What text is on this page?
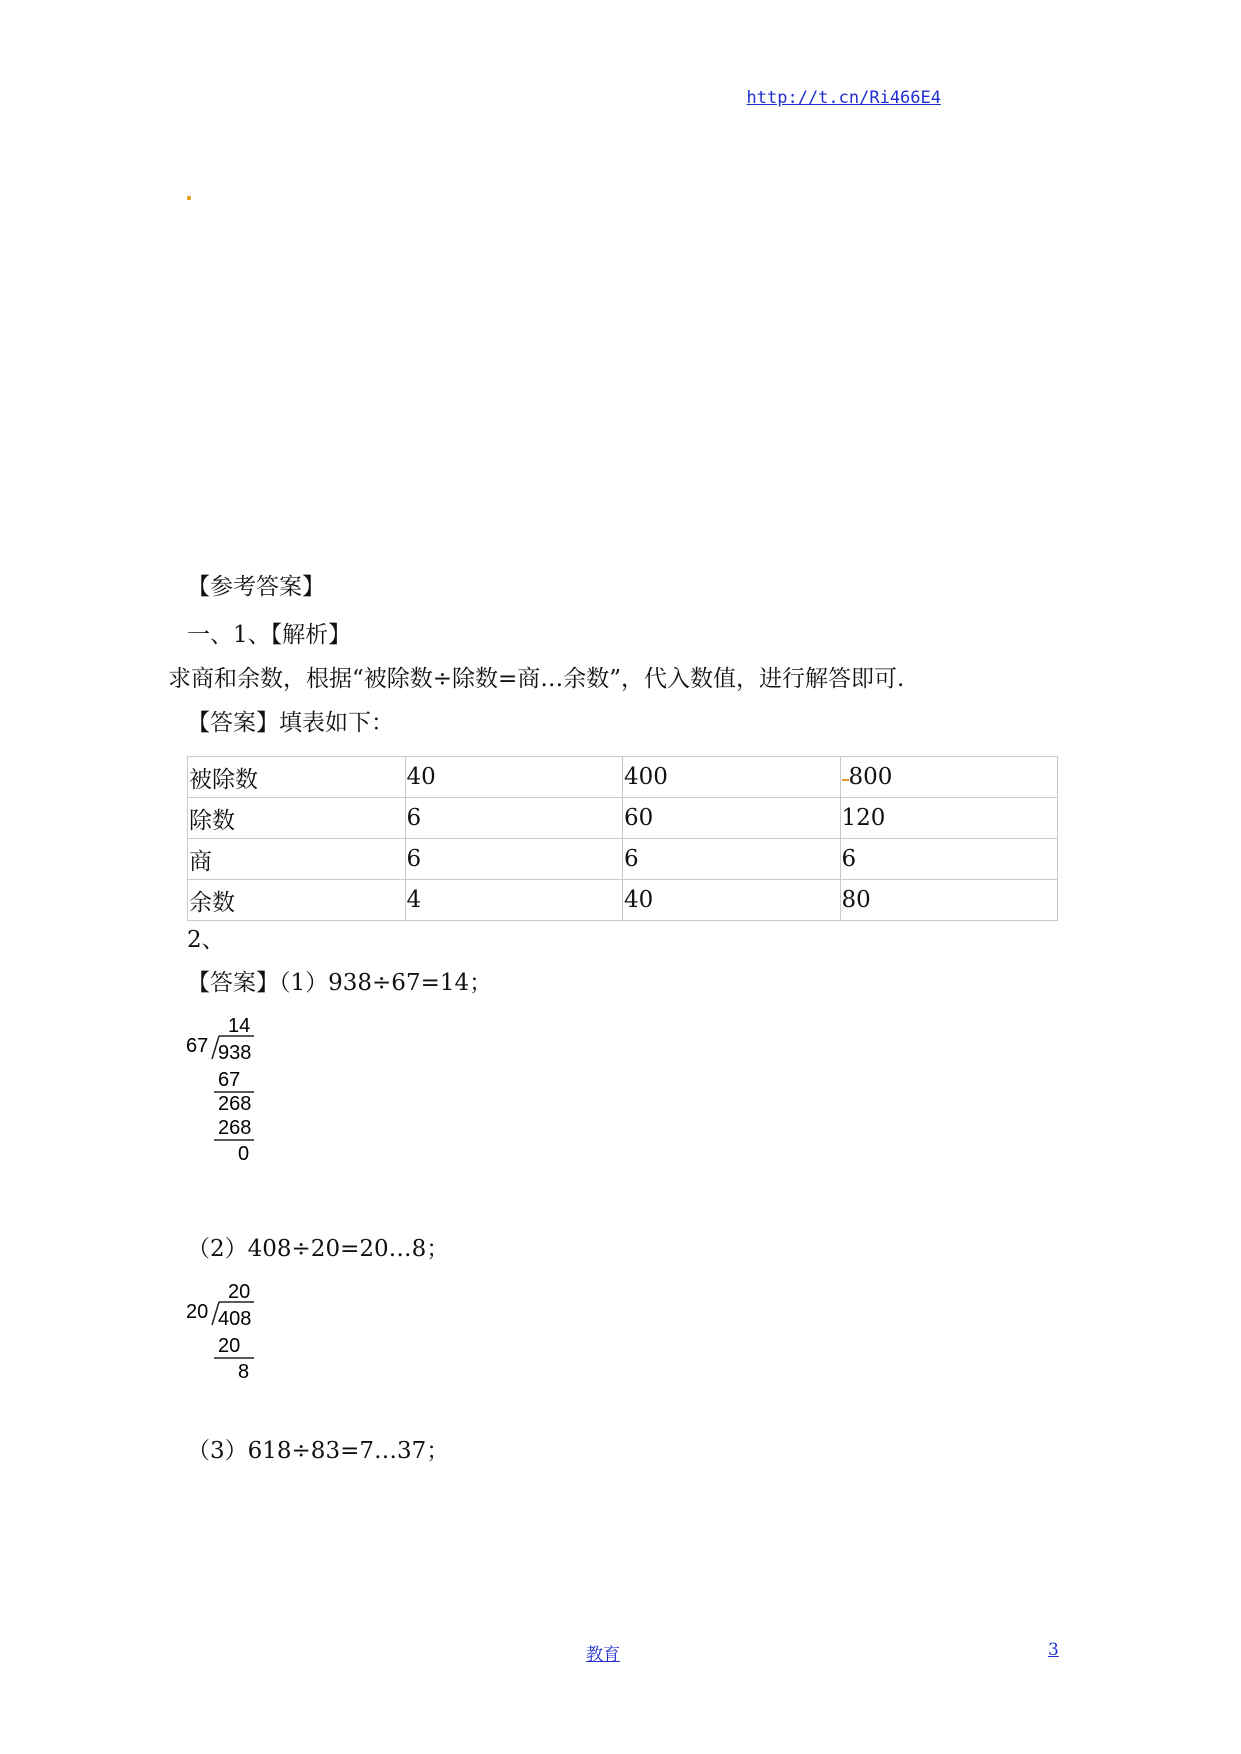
http://t.cn/Ri466E4
【参考答案】
一、1、【解析】
求商和余数，根据“被除数÷除数=商…余数”，代入数值，进行解答即可.
【答案】填表如下：
被除数	40	400	800
除数	6	60	120
商	6	6	6
余数	4	40	80
2、
【答案】（1）938÷67=14；
14
67 938
67
268
268
0
（2）408÷20=20…8；
20
20 408
20
8
（3）618÷83=7…37；
教育	3
